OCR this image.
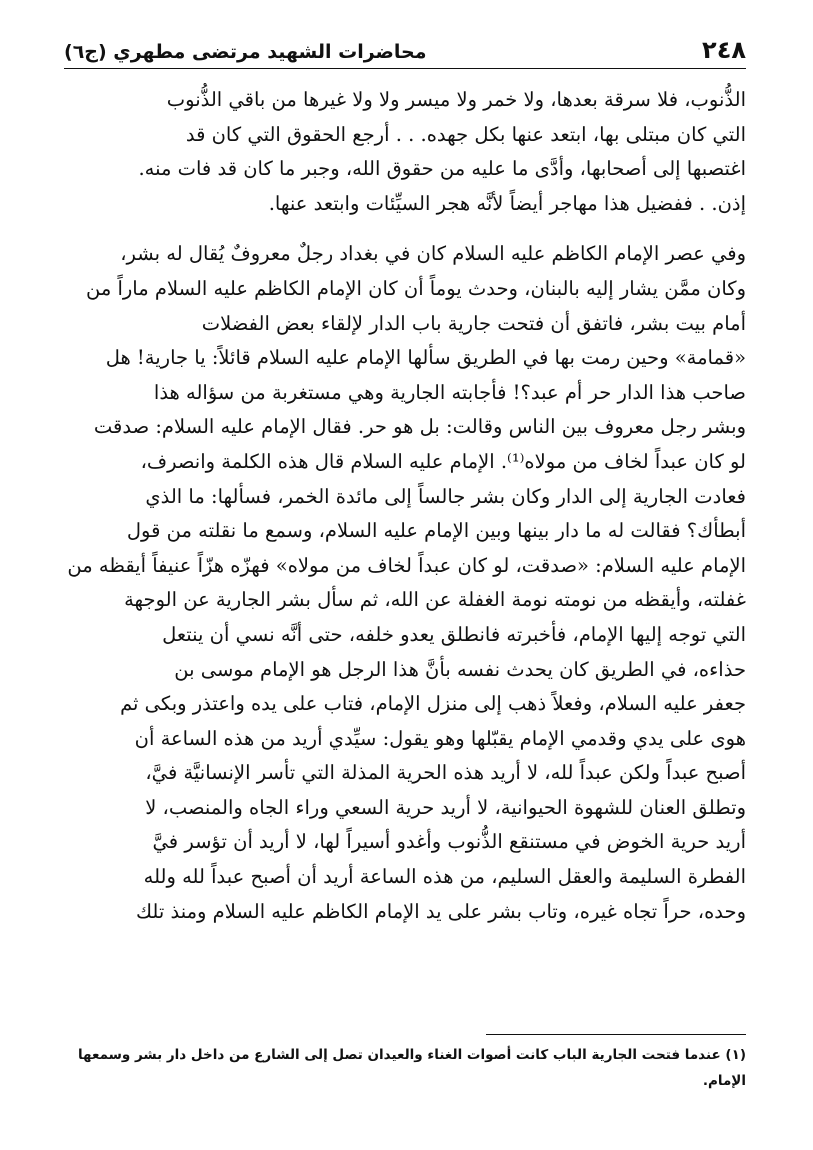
٢٤٨
محاضرات الشهيد مرتضى مطهري (ج٦)

الذُّنوب، فلا سرقة بعدها، ولا خمر ولا ميسر ولا ولا غيرها من باقي الذُّنوب
التي كان مبتلى بها، ابتعد عنها بكل جهده. . . أرجع الحقوق التي كان قد
اغتصبها إلى أصحابها، وأدَّى ما عليه من حقوق الله، وجبر ما كان قد فات منه.
إذن. . ففضيل هذا مهاجر أيضاً لأنَّه هجر السيِّئات وابتعد عنها.

وفي عصر الإمام الكاظم عليه السلام كان في بغداد رجلٌ معروفٌ يُقال له بشر،
وكان ممَّن يشار إليه بالبنان، وحدث يوماً أن كان الإمام الكاظم عليه السلام ماراً من
أمام بيت بشر، فاتفق أن فتحت جارية باب الدار لإلقاء بعض الفضلات
«قمامة» وحين رمت بها في الطريق سألها الإمام عليه السلام قائلاً: يا جارية! هل
صاحب هذا الدار حر أم عبد؟! فأجابته الجارية وهي مستغربة من سؤاله هذا
وبشر رجل معروف بين الناس وقالت: بل هو حر. فقال الإمام عليه السلام: صدقت
لو كان عبداً لخاف من مولاه⁽¹⁾. الإمام عليه السلام قال هذه الكلمة وانصرف،
فعادت الجارية إلى الدار وكان بشر جالساً إلى مائدة الخمر، فسألها: ما الذي
أبطأك؟ فقالت له ما دار بينها وبين الإمام عليه السلام، وسمع ما نقلته من قول
الإمام عليه السلام: «صدقت، لو كان عبداً لخاف من مولاه» فهزّه هزّاً عنيفاً أيقظه من
غفلته، وأيقظه من نومته نومة الغفلة عن الله، ثم سأل بشر الجارية عن الوجهة
التي توجه إليها الإمام، فأخبرته فانطلق يعدو خلفه، حتى أنَّه نسي أن ينتعل
حذاءه، في الطريق كان يحدث نفسه بأنَّ هذا الرجل هو الإمام موسى بن
جعفر عليه السلام، وفعلاً ذهب إلى منزل الإمام، فتاب على يده واعتذر وبكى ثم
هوى على يدي وقدمي الإمام يقبّلها وهو يقول: سيِّدي أريد من هذه الساعة أن
أصبح عبداً ولكن عبداً لله، لا أريد هذه الحرية المذلة التي تأسر الإنسانيَّة فيَّ،
وتطلق العنان للشهوة الحيوانية، لا أريد حرية السعي وراء الجاه والمنصب، لا
أريد حرية الخوض في مستنقع الذُّنوب وأغدو أسيراً لها، لا أريد أن تؤسر فيَّ
الفطرة السليمة والعقل السليم، من هذه الساعة أريد أن أصبح عبداً لله ولله
وحده، حراً تجاه غيره، وتاب بشر على يد الإمام الكاظم عليه السلام ومنذ تلك

(١) عندما فتحت الجارية الباب كانت أصوات الغناء والعيدان تصل إلى الشارع من داخل دار بشر وسمعها
الإمام.
